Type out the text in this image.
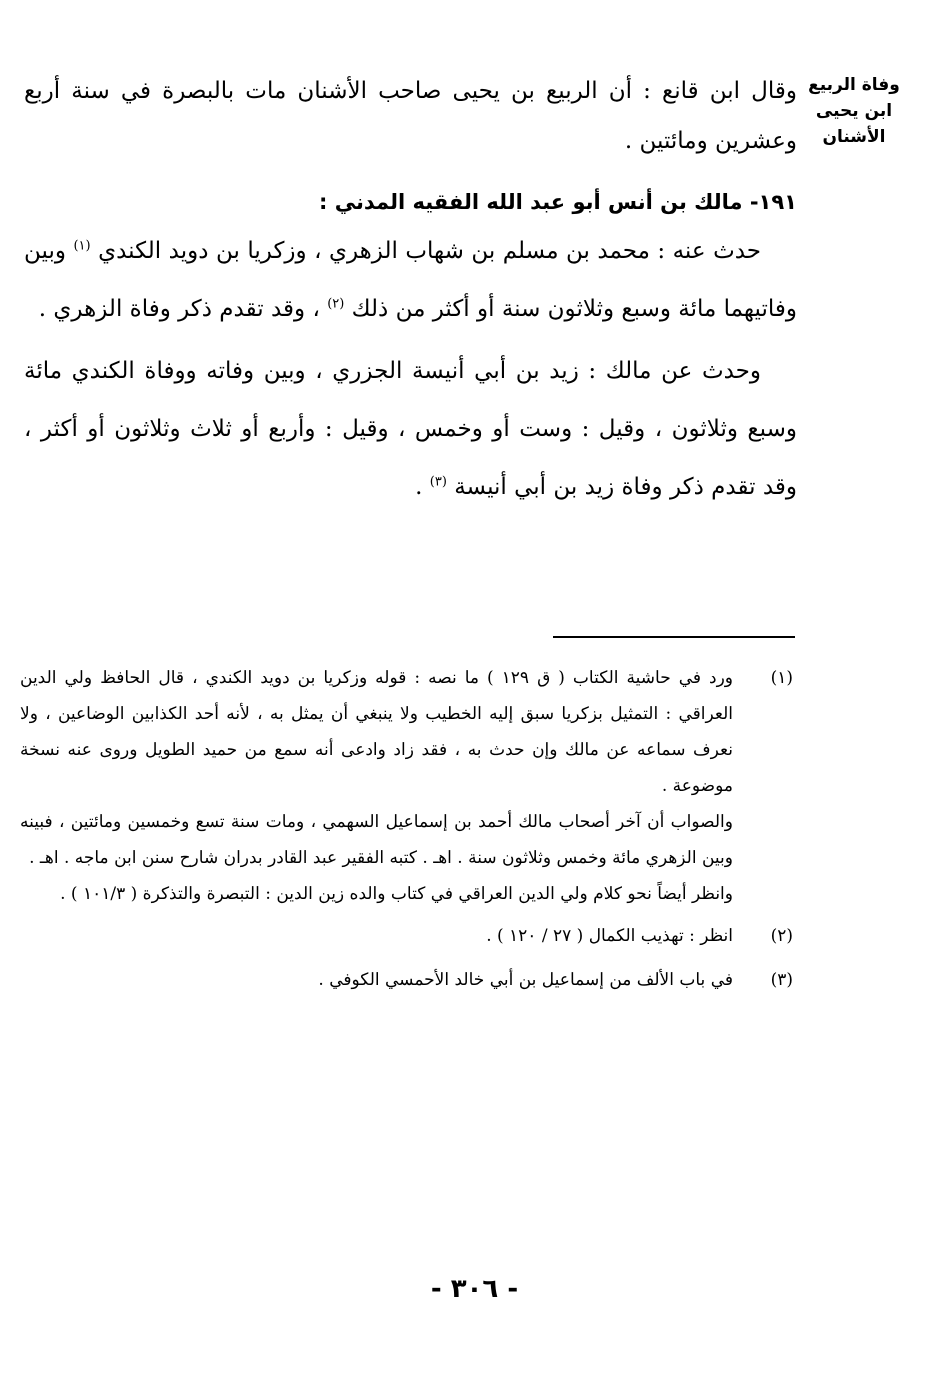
وفاة الربيع
ابن يحيى
الأشنان

وقال ابن قانع : أن الربيع بن يحيى صاحب الأشنان مات بالبصرة في سنة أربع وعشرين ومائتين .

١٩١- مالك بن أنس أبو عبد الله الفقيه المدني :

حدث عنه : محمد بن مسلم بن شهاب الزهري ، وزكريا بن دويد الكندي $^{(١)}$ وبين وفاتيهما مائة وسبع وثلاثون سنة أو أكثر من ذلك $^{(٢)}$ ، وقد تقدم ذكر وفاة الزهري .

وحدث عن مالك : زيد بن أبي أنيسة الجزري ، وبين وفاته ووفاة الكندي مائة وسبع وثلاثون ، وقيل : وست أو وخمس ، وقيل : وأربع أو ثلاث وثلاثون أو أكثر ، وقد تقدم ذكر وفاة زيد بن أبي أنيسة $^{(٣)}$ .

(١)

ورد في حاشية الكتاب ( ق ١٢٩ ) ما نصه : قوله وزكريا بن دويد الكندي ، قال الحافظ ولي الدين العراقي : التمثيل بزكريا سبق إليه الخطيب ولا ينبغي أن يمثل به ، لأنه أحد الكذابين الوضاعين ، ولا نعرف سماعه عن مالك وإن حدث به ، فقد زاد وادعى أنه سمع من حميد الطويل وروى عنه نسخة موضوعة .

والصواب أن آخر أصحاب مالك أحمد بن إسماعيل السهمي ، ومات سنة تسع وخمسين ومائتين ، فبينه وبين الزهري مائة وخمس وثلاثون سنة . اهـ . كتبه الفقير عبد القادر بدران شارح سنن ابن ماجه . اهـ .

وانظر أيضاً نحو كلام ولي الدين العراقي في كتاب والده زين الدين : التبصرة والتذكرة ( ١٠١/٣ ) .

(٢)

انظر : تهذيب الكمال ( ٢٧ / ١٢٠ ) .

(٣)

في باب الألف من إسماعيل بن أبي خالد الأحمسي الكوفي .

- ٣٠٦ -
